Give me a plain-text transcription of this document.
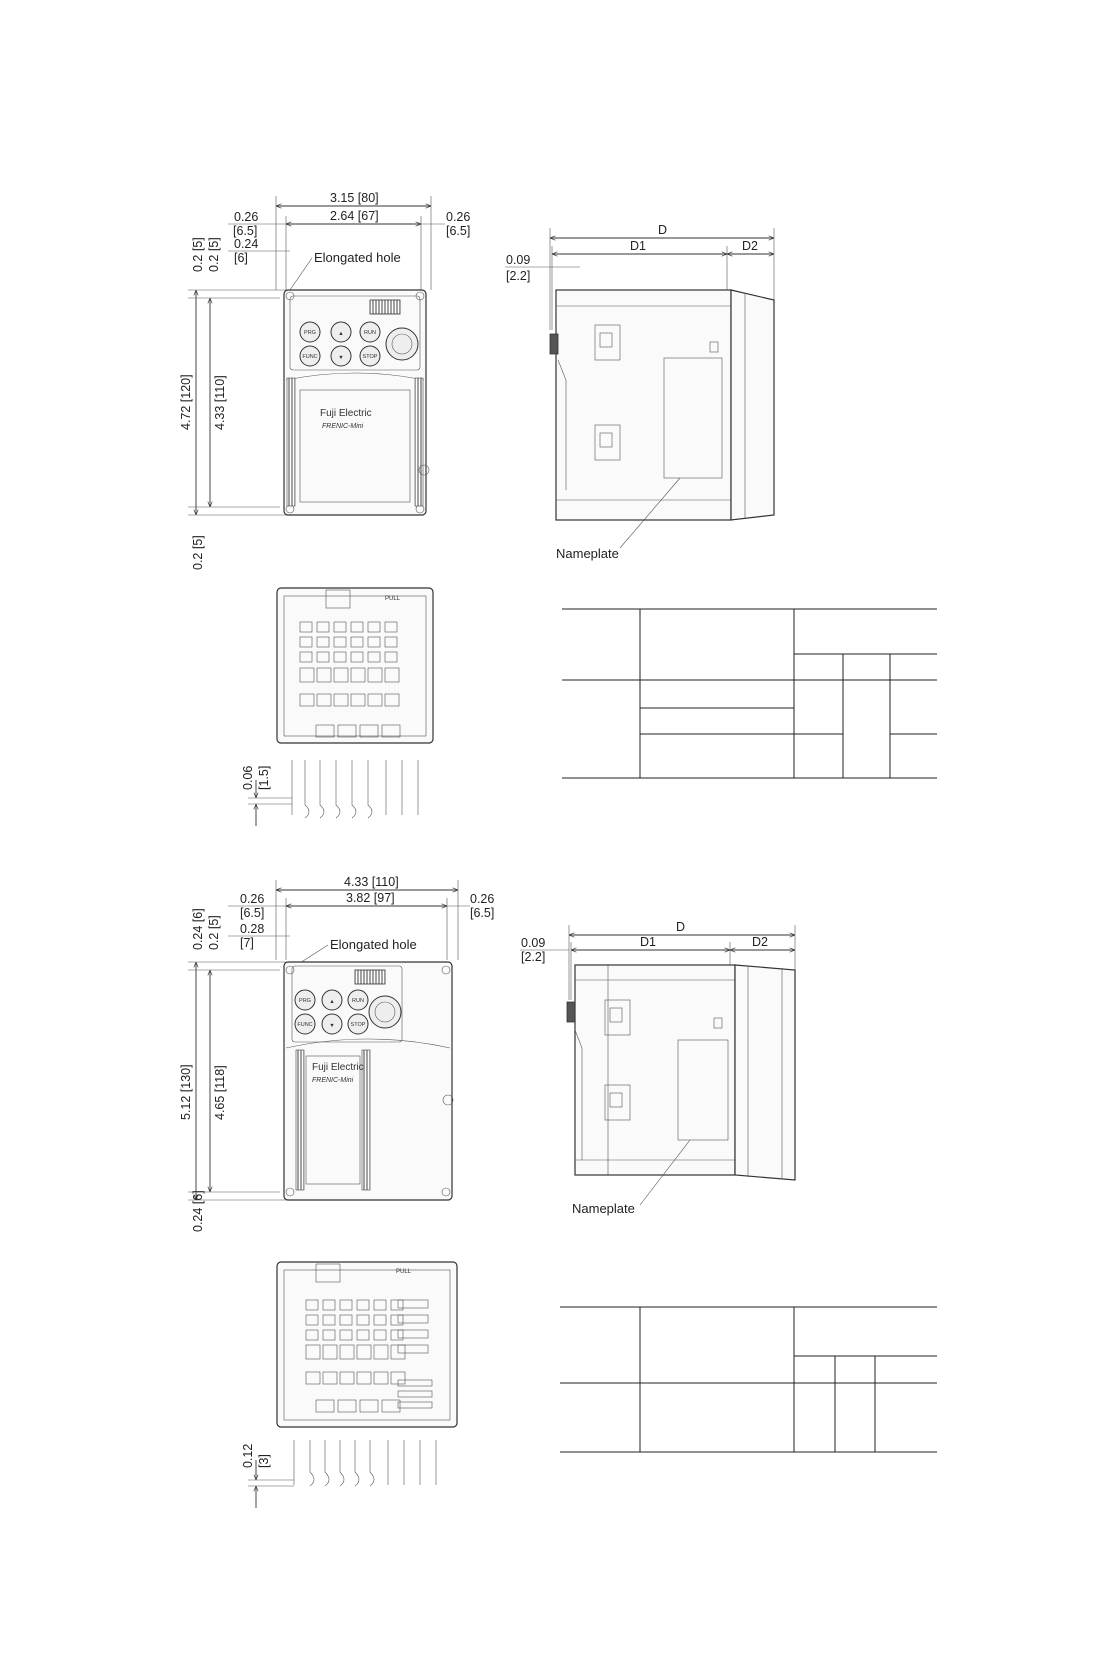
3.15 [80]
2.64 [67]
0.26
[6.5]
0.24
[6]
0.26
[6.5]
Elongated hole
4.72 [120] 4.33 [110]
0.2 [5] 0.2 [5]
0.2 [5]
PRG
FUNC
▲
▼
RUN
STOP
Fuji Electric
FRENIC-Mini
D
D1	D2
0.09
[2.2]
Nameplate
PULL
0.06 [1.5]
4.33 [110]
3.82 [97]
0.26
[6.5]
0.28
[7]
0.26
[6.5]
Elongated hole
5.12 [130] 4.65 [118]
0.24 [6] 0.2 [5]
0.24 [6]
PRG
FUNC
▲
▼
RUN
STOP
Fuji Electric
FRENIC-Mini
D
D1	D2
0.09
[2.2]
Nameplate
PULL
0.12 [3]
